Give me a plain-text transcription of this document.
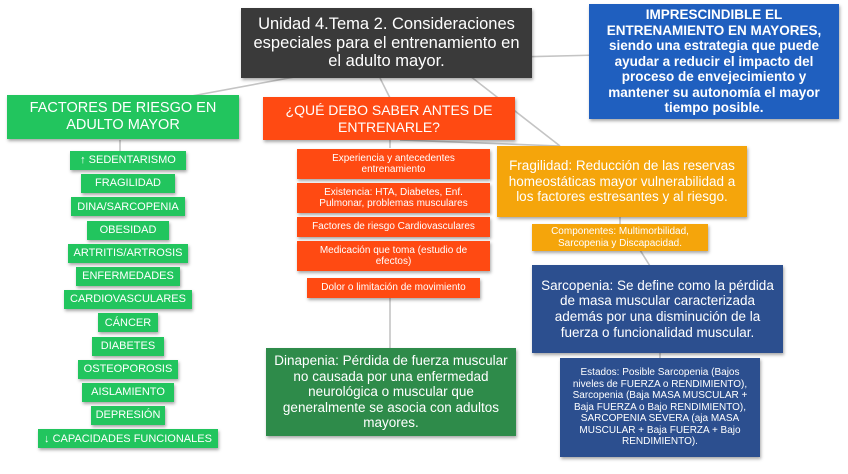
Unidad 4.Tema 2. Consideraciones especiales para el entrenamiento en el adulto mayor.
IMPRESCINDIBLE EL ENTRENAMIENTO EN MAYORES, siendo una estrategia que puede ayudar a reducir el impacto del proceso de envejecimiento y mantener su autonomía el mayor tiempo posible.
FACTORES DE RIESGO EN ADULTO MAYOR
↑ SEDENTARISMO
FRAGILIDAD
DINA/SARCOPENIA
OBESIDAD
ARTRITIS/ARTROSIS
ENFERMEDADES
CARDIOVASCULARES
CÁNCER
DIABETES
OSTEOPOROSIS
AISLAMIENTO
DEPRESIÓN
↓ CAPACIDADES FUNCIONALES
¿QUÉ DEBO SABER ANTES DE ENTRENARLE?
Experiencia y antecedentes entrenamiento
Existencia: HTA, Diabetes, Enf. Pulmonar, problemas musculares
Factores de riesgo Cardiovasculares
Medicación que toma (estudio de efectos)
Dolor o limitación de movimiento
Fragilidad: Reducción de las reservas homeostáticas mayor vulnerabilidad a los factores estresantes y al riesgo.
Componentes: Multimorbilidad, Sarcopenia y Discapacidad.
Sarcopenia: Se define como la pérdida de masa muscular caracterizada además por una disminución de la fuerza o funcionalidad muscular.
Estados: Posible Sarcopenia (Bajos niveles de FUERZA o RENDIMIENTO), Sarcopenia (Baja MASA MUSCULAR + Baja FUERZA o Bajo RENDIMIENTO), SARCOPENIA SEVERA (aja MASA MUSCULAR + Baja FUERZA + Bajo RENDIMIENTO).
Dinapenia: Pérdida de fuerza muscular no causada por una enfermedad neurológica o muscular que generalmente se asocia con adultos mayores.
